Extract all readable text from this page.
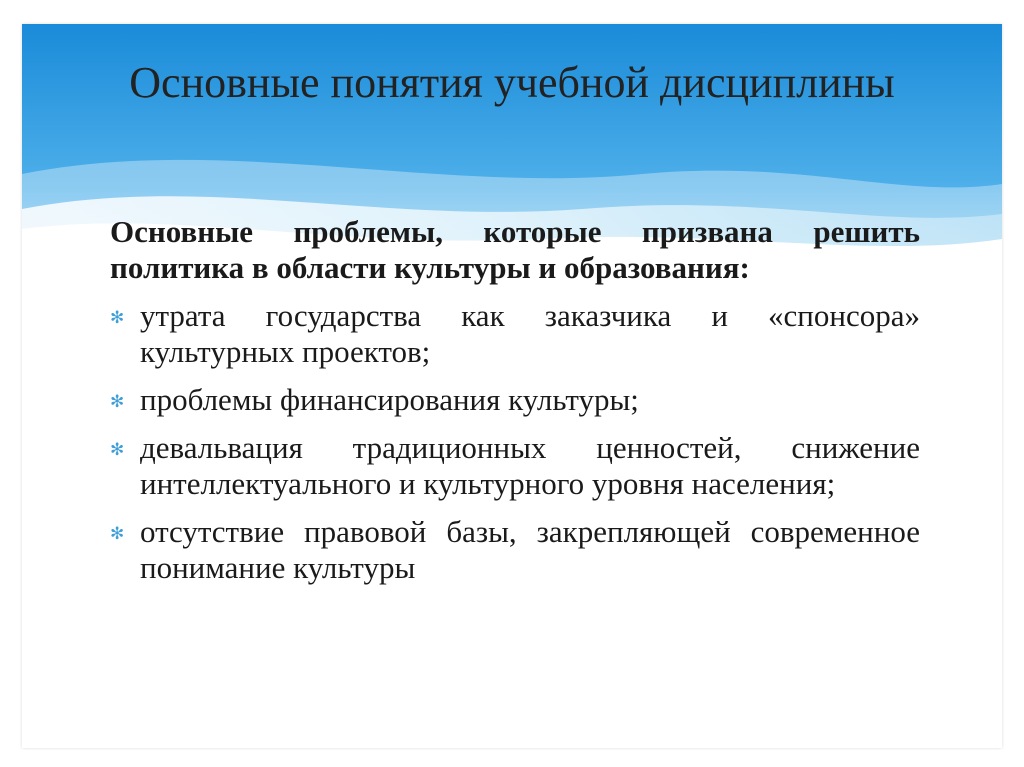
Основные понятия учебной дисциплины

Основные проблемы, которые призвана решить политика в области культуры и образования:

✻ утрата государства как заказчика и «спонсора» культурных проектов;
✻ проблемы финансирования культуры;
✻ девальвация традиционных ценностей, снижение интеллектуального и культурного уровня населения;
✻ отсутствие правовой базы, закрепляющей современное понимание культуры
